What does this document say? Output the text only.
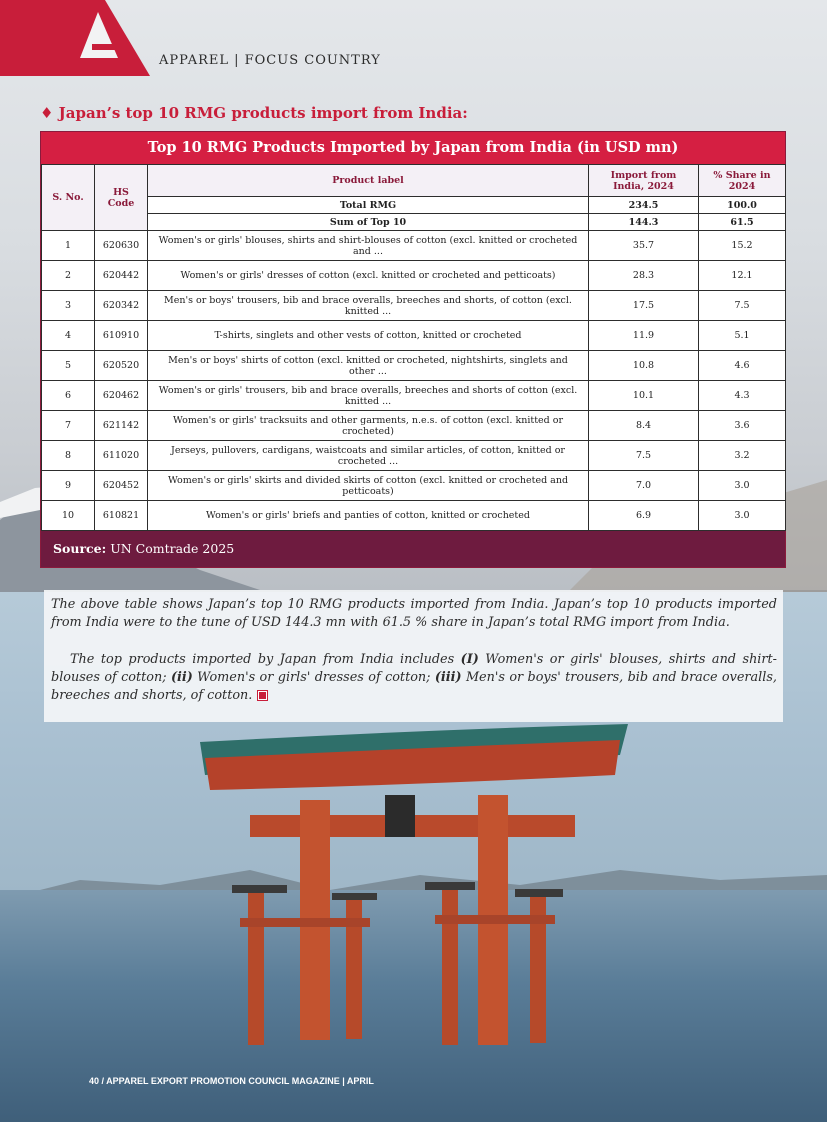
APPAREL | FOCUS COUNTRY
♦ Japan’s top 10 RMG products import from India:
Top 10 RMG Products Imported by Japan from India (in USD mn)
S. No.	HS Code	Product label	Import from India, 2024	% Share in 2024
		Total RMG	234.5	100.0
		Sum of Top 10	144.3	61.5
1	620630	Women's or girls' blouses, shirts and shirt-blouses of cotton (excl. knitted or crocheted and ...	35.7	15.2
2	620442	Women's or girls' dresses of cotton (excl. knitted or crocheted and petticoats)	28.3	12.1
3	620342	Men's or boys' trousers, bib and brace overalls, breeches and shorts, of cotton (excl. knitted ...	17.5	7.5
4	610910	T-shirts, singlets and other vests of cotton, knitted or crocheted	11.9	5.1
5	620520	Men's or boys' shirts of cotton (excl. knitted or crocheted, nightshirts, singlets and other ...	10.8	4.6
6	620462	Women's or girls' trousers, bib and brace overalls, breeches and shorts of cotton (excl. knitted ...	10.1	4.3
7	621142	Women's or girls' tracksuits and other garments, n.e.s. of cotton (excl. knitted or crocheted)	8.4	3.6
8	611020	Jerseys, pullovers, cardigans, waistcoats and similar articles, of cotton, knitted or crocheted ...	7.5	3.2
9	620452	Women's or girls' skirts and divided skirts of cotton (excl. knitted or crocheted and petticoats)	7.0	3.0
10	610821	Women's or girls' briefs and panties of cotton, knitted or crocheted	6.9	3.0
Source: UN Comtrade 2025

The above table shows Japan’s top 10 RMG products imported from India. Japan’s top 10 products imported from India were to the tune of USD 144.3 mn with 61.5 % share in Japan’s total RMG import from India.

The top products imported by Japan from India includes (I) Women's or girls' blouses, shirts and shirt-blouses of cotton; (ii) Women's or girls' dresses of cotton; (iii) Men's or boys' trousers, bib and brace overalls, breeches and shorts, of cotton.

40 / APPAREL EXPORT PROMOTION COUNCIL MAGAZINE | APRIL
